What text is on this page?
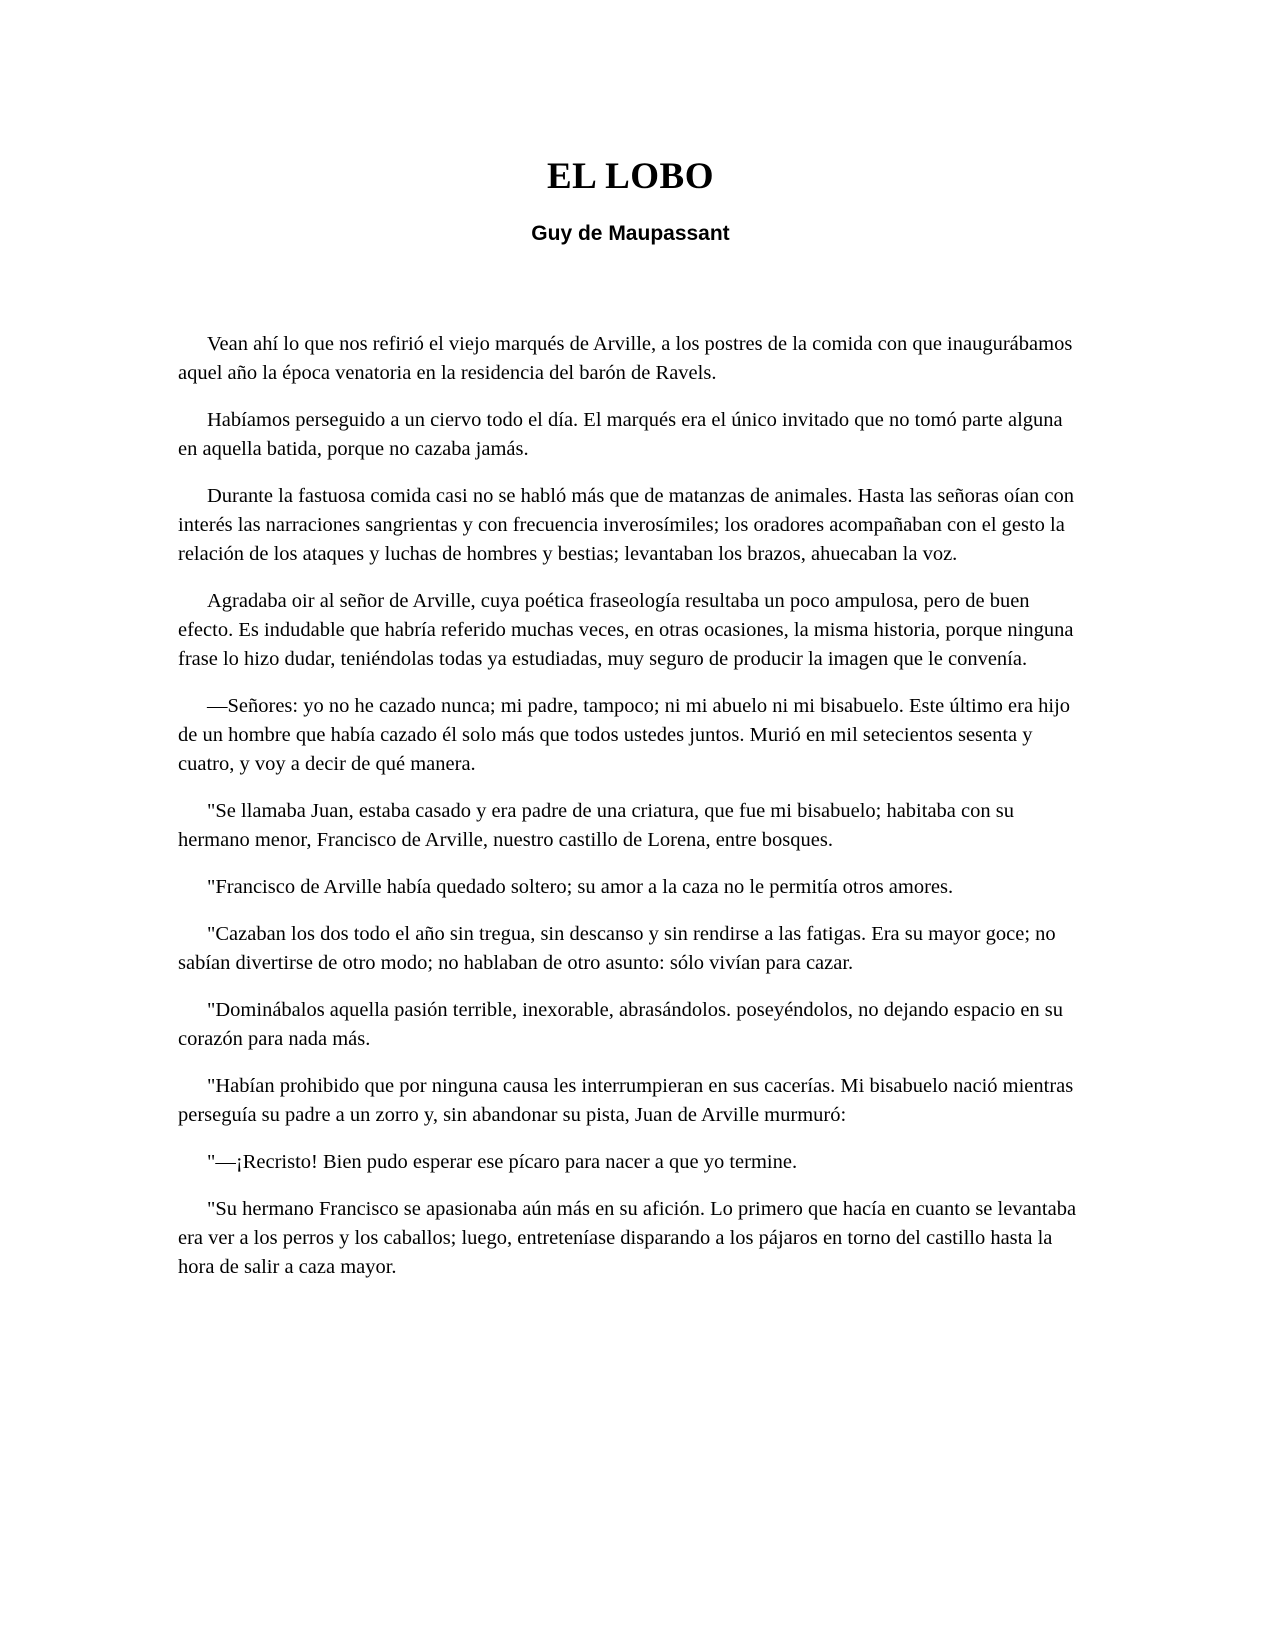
EL LOBO
Guy de Maupassant

Vean ahí lo que nos refirió el viejo marqués de Arville, a los postres de la comida con que inaugurábamos aquel año la época venatoria en la residencia del barón de Ravels.

Habíamos perseguido a un ciervo todo el día. El marqués era el único invitado que no tomó parte alguna en aquella batida, porque no cazaba jamás.

Durante la fastuosa comida casi no se habló más que de matanzas de animales. Hasta las señoras oían con interés las narraciones sangrientas y con frecuencia inverosímiles; los oradores acompañaban con el gesto la relación de los ataques y luchas de hombres y bestias; levantaban los brazos, ahuecaban la voz.

Agradaba oir al señor de Arville, cuya poética fraseología resultaba un poco ampulosa, pero de buen efecto. Es indudable que habría referido muchas veces, en otras ocasiones, la misma historia, porque ninguna frase lo hizo dudar, teniéndolas todas ya estudiadas, muy seguro de producir la imagen que le convenía.

—Señores: yo no he cazado nunca; mi padre, tampoco; ni mi abuelo ni mi bisabuelo. Este último era hijo de un hombre que había cazado él solo más que todos ustedes juntos. Murió en mil setecientos sesenta y cuatro, y voy a decir de qué manera.

"Se llamaba Juan, estaba casado y era padre de una criatura, que fue mi bisabuelo; habitaba con su hermano menor, Francisco de Arville, nuestro castillo de Lorena, entre bosques.

"Francisco de Arville había quedado soltero; su amor a la caza no le permitía otros amores.

"Cazaban los dos todo el año sin tregua, sin descanso y sin rendirse a las fatigas. Era su mayor goce; no sabían divertirse de otro modo; no hablaban de otro asunto: sólo vivían para cazar.

"Dominábalos aquella pasión terrible, inexorable, abrasándolos. poseyéndolos, no dejando espacio en su corazón para nada más.

"Habían prohibido que por ninguna causa les interrumpieran en sus cacerías. Mi bisabuelo nació mientras perseguía su padre a un zorro y, sin abandonar su pista, Juan de Arville murmuró:

"—¡Recristo! Bien pudo esperar ese pícaro para nacer a que yo termine.

"Su hermano Francisco se apasionaba aún más en su afición. Lo primero que hacía en cuanto se levantaba era ver a los perros y los caballos; luego, entreteníase disparando a los pájaros en torno del castillo hasta la hora de salir a caza mayor.
